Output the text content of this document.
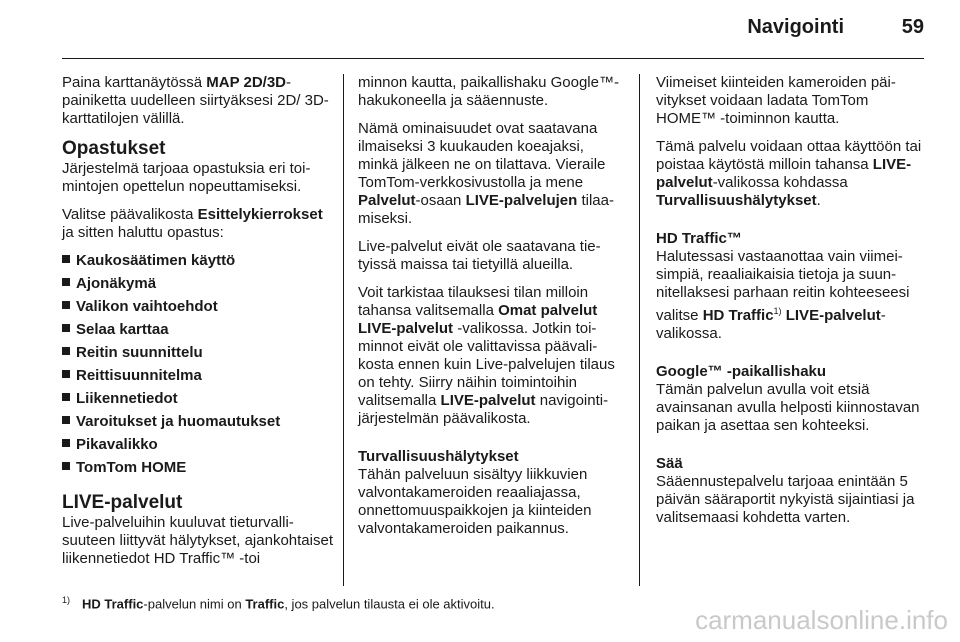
Navigointi	59

Paina karttanäytössä MAP 2D/3D-painiketta uudelleen siirtyäksesi 2D/ 3D-karttatilojen välillä.

Opastukset

Järjestelmä tarjoaa opastuksia eri toimintojen opettelun nopeuttamiseksi.

Valitse päävalikosta Esittelykierrokset ja sitten haluttu opastus:

Kaukosäätimen käyttö
Ajonäkymä
Valikon vaihtoehdot
Selaa karttaa
Reitin suunnittelu
Reittisuunnitelma
Liikennetiedot
Varoitukset ja huomautukset
Pikavalikko
TomTom HOME
LIVE-palvelut

Live-palveluihin kuuluvat tieturvallisuuteen liittyvät hälytykset, ajankohtaiset liikennetiedot HD Traffic™ -toi

minnon kautta, paikallishaku Google™-hakukoneella ja sääennuste.

Nämä ominaisuudet ovat saatavana ilmaiseksi 3 kuukauden koeajaksi, minkä jälkeen ne on tilattava. Vieraile TomTom-verkkosivustolla ja mene Palvelut-osaan LIVE-palvelujen tilaamiseksi.

Live-palvelut eivät ole saatavana tietyissä maissa tai tietyillä alueilla.

Voit tarkistaa tilauksesi tilan milloin tahansa valitsemalla Omat palvelut LIVE-palvelut -valikossa. Jotkin toiminnot eivät ole valittavissa päävalikosta ennen kuin Live-palvelujen tilaus on tehty. Siirry näihin toimintoihin valitsemalla LIVE-palvelut navigointijärjestelmän päävalikosta.

Turvallisuushälytykset

Tähän palveluun sisältyy liikkuvien valvontakameroiden reaaliajassa, onnettomuuspaikkojen ja kiinteiden valvontakameroiden paikannus.

Viimeiset kiinteiden kameroiden päivitykset voidaan ladata TomTom HOME™ -toiminnon kautta.

Tämä palvelu voidaan ottaa käyttöön tai poistaa käytöstä milloin tahansa LIVE-palvelut-valikossa kohdassa Turvallisuushälytykset.

HD Traffic™

Halutessasi vastaanottaa vain viimeisimpiä, reaaliaikaisia tietoja ja suunnitellaksesi parhaan reitin kohteeseesi valitse HD Traffic$^{1)}$ LIVE-palvelut-valikossa.

Google™ -paikallishaku

Tämän palvelun avulla voit etsiä avainsanan avulla helposti kiinnostavan paikan ja asettaa sen kohteeksi.

Sää

Sääennustepalvelu tarjoaa enintään 5 päivän sääraportit nykyistä sijaintiasi ja valitsemaasi kohdetta varten.

$^{1)}$ HD Traffic-palvelun nimi on Traffic, jos palvelun tilausta ei ole aktivoitu.
carmanualsonline.info
